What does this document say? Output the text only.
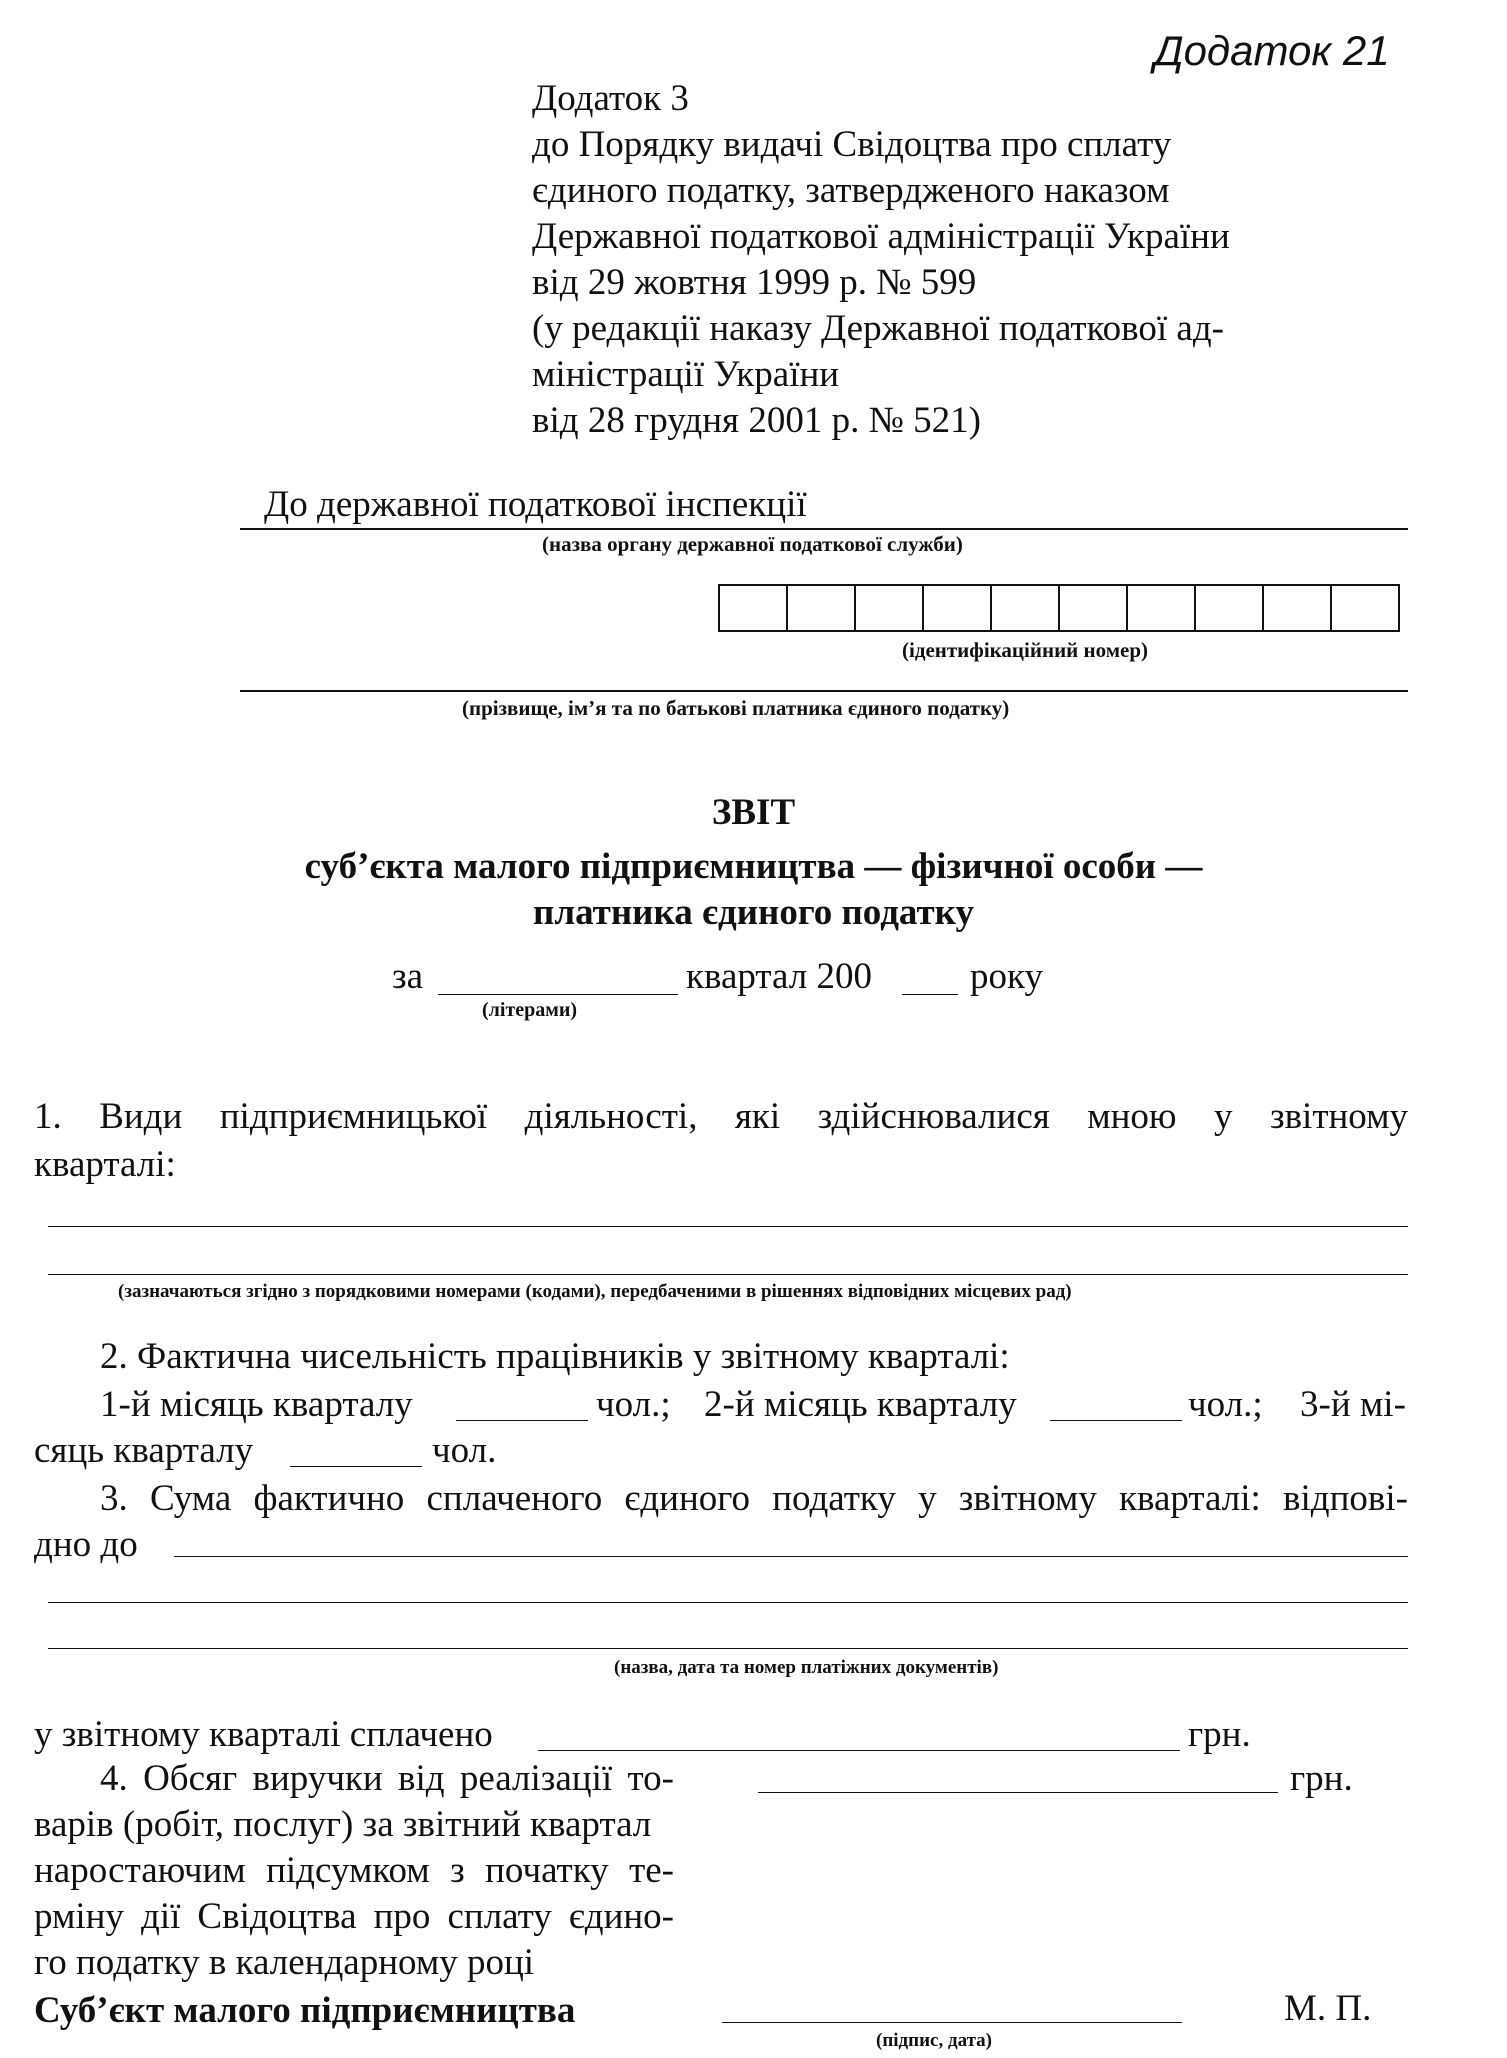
Додаток 21
Додаток 3
до Порядку видачі Свідоцтва про сплату
єдиного податку, затвердженого наказом
Державної податкової адміністрації України
від 29 жовтня 1999 р. № 599
(у редакції наказу Державної податкової ад-
міністрації України
від 28 грудня 2001 р. № 521)
До державної податкової інспекції
(назва органу державної податкової служби)
(ідентифікаційний номер)
(прізвище, ім’я та по батькові платника єдиного податку)
ЗВІТ
суб’єкта малого підприємництва — фізичної особи —
платника єдиного податку
за	квартал 200	року
(літерами)
1. Види підприємницької діяльності, які здійснювалися мною у звітному
кварталі:
(зазначаються згідно з порядковими номерами (кодами), передбаченими в рішеннях відповідних місцевих рад)
2. Фактична чисельність працівників у звітному кварталі:
1-й місяць кварталу	чол.; 2-й місяць кварталу	чол.; 3-й мі-
сяць кварталу	чол.
3. Сума фактично сплаченого єдиного податку у звітному кварталі: відпові-
дно до
(назва, дата та номер платіжних документів)
у звітному кварталі сплачено	грн.
4. Обсяг виручки від реалізації то-
варів (робіт, послуг) за звітний квартал
наростаючим підсумком з початку те-
рміну дії Свідоцтва про сплату єдино-
го податку в календарному році
грн.
Суб’єкт малого підприємництва
(підпис, дата)
М. П.
